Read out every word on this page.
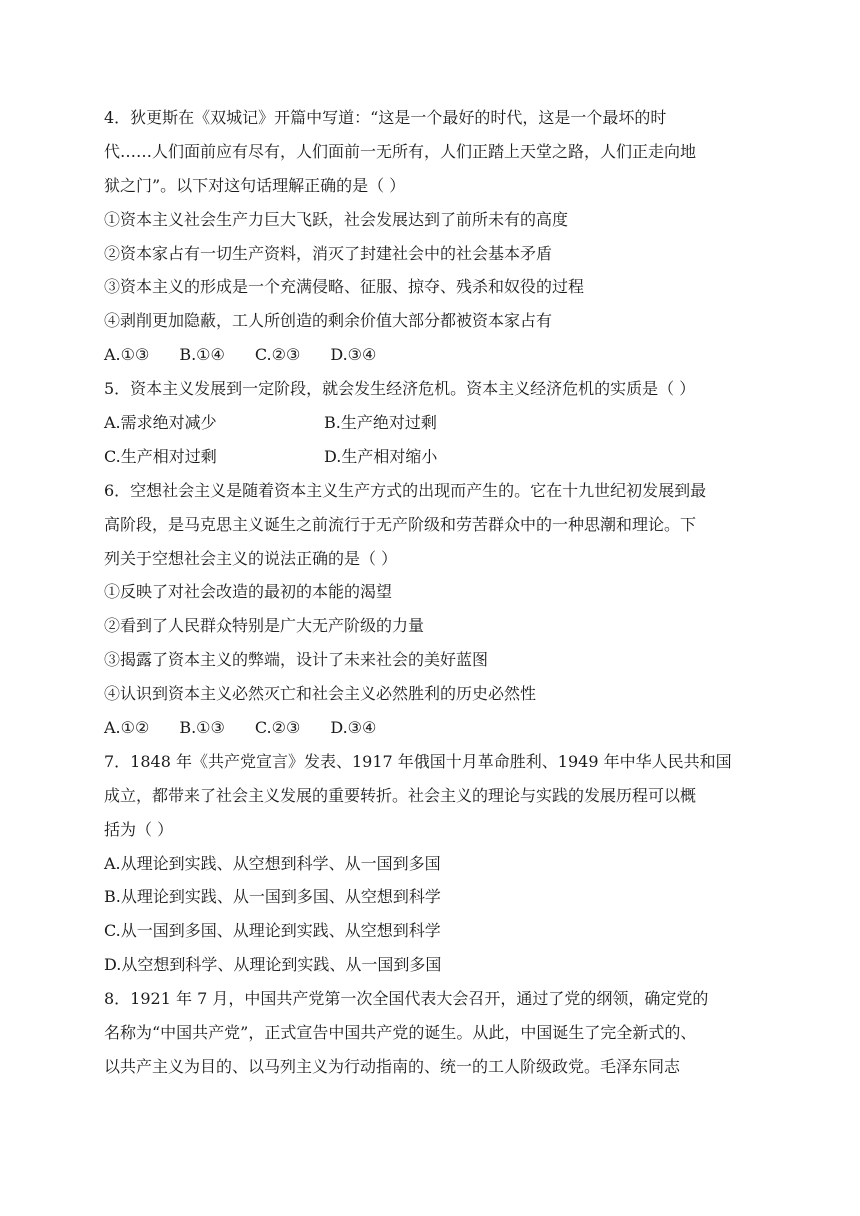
4．狄更斯在《双城记》开篇中写道：“这是一个最好的时代，这是一个最坏的时
代……人们面前应有尽有，人们面前一无所有，人们正踏上天堂之路，人们正走向地
狱之门”。以下对这句话理解正确的是（ ）
①资本主义社会生产力巨大飞跃，社会发展达到了前所未有的高度
②资本家占有一切生产资料，消灭了封建社会中的社会基本矛盾
③资本主义的形成是一个充满侵略、征服、掠夺、残杀和奴役的过程
④剥削更加隐蔽，工人所创造的剩余价值大部分都被资本家占有
A.①③ B.①④ C.②③ D.③④
5．资本主义发展到一定阶段，就会发生经济危机。资本主义经济危机的实质是（ ）
A.需求绝对减少	B.生产绝对过剩
C.生产相对过剩	D.生产相对缩小
6．空想社会主义是随着资本主义生产方式的出现而产生的。它在十九世纪初发展到最
高阶段，是马克思主义诞生之前流行于无产阶级和劳苦群众中的一种思潮和理论。下
列关于空想社会主义的说法正确的是（ ）
①反映了对社会改造的最初的本能的渴望
②看到了人民群众特别是广大无产阶级的力量
③揭露了资本主义的弊端，设计了未来社会的美好蓝图
④认识到资本主义必然灭亡和社会主义必然胜利的历史必然性
A.①② B.①③ C.②③ D.③④
7．1848 年《共产党宣言》发表、1917 年俄国十月革命胜利、1949 年中华人民共和国
成立，都带来了社会主义发展的重要转折。社会主义的理论与实践的发展历程可以概
括为（ ）
A.从理论到实践、从空想到科学、从一国到多国
B.从理论到实践、从一国到多国、从空想到科学
C.从一国到多国、从理论到实践、从空想到科学
D.从空想到科学、从理论到实践、从一国到多国
8．1921 年 7 月，中国共产党第一次全国代表大会召开，通过了党的纲领，确定党的
名称为“中国共产党”，正式宣告中国共产党的诞生。从此，中国诞生了完全新式的、
以共产主义为目的、以马列主义为行动指南的、统一的工人阶级政党。毛泽东同志
